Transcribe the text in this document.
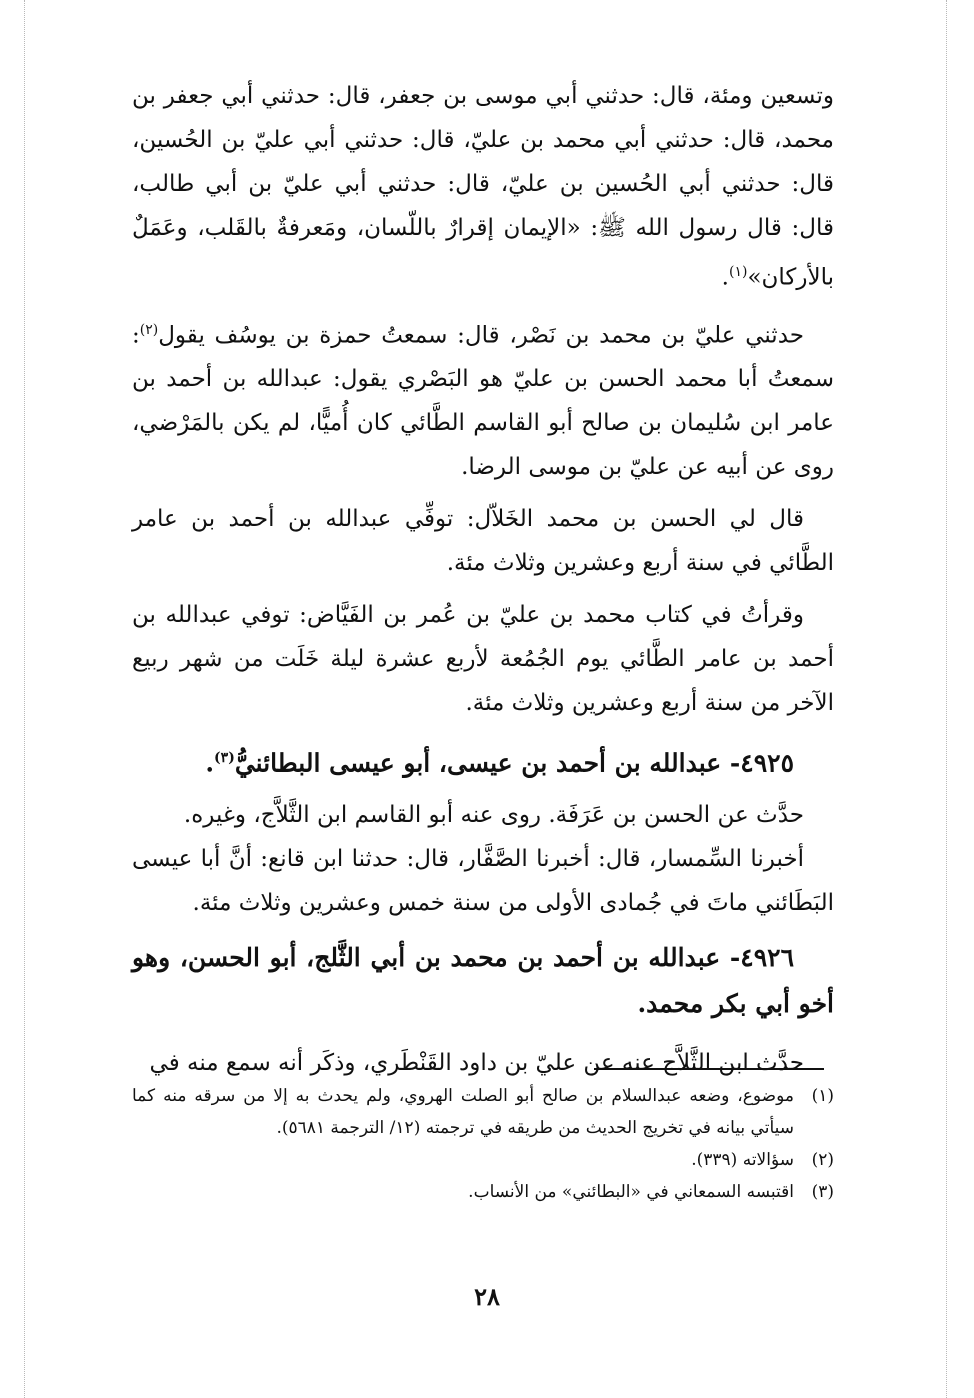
وتسعين ومئة، قال: حدثني أبي موسى بن جعفر، قال: حدثني أبي جعفر بن محمد، قال: حدثني أبي محمد بن عليّ، قال: حدثني أبي عليّ بن الحُسين، قال: حدثني أبي الحُسين بن عليّ، قال: حدثني أبي عليّ بن أبي طالب، قال: قال رسول الله ﷺ: «الإيمان إقرارٌ باللّسان، ومَعرفةٌ بالقَلب، وعَمَلٌ بالأركان»$^{(١)}$.

حدثني عليّ بن محمد بن نَصْر، قال: سمعتُ حمزة بن يوسُف يقول$^{(٢)}$: سمعتُ أبا محمد الحسن بن عليّ هو البَصْري يقول: عبدالله بن أحمد بن عامر ابن سُليمان بن صالح أبو القاسم الطَّائي كان أُميًّا، لم يكن بالمَرْضي، روى عن أبيه عن عليّ بن موسى الرضا.

قال لي الحسن بن محمد الخَلاّل: توفِّي عبدالله بن أحمد بن عامر الطَّائي في سنة أربع وعشرين وثلاث مئة.

وقرأتُ في كتاب محمد بن عليّ بن عُمر بن الفَيَّاض: توفي عبدالله بن أحمد بن عامر الطَّائي يوم الجُمُعة لأربع عشرة ليلة خَلَت من شهر ربيع الآخر من سنة أربع وعشرين وثلاث مئة.

٤٩٢٥- عبدالله بن أحمد بن عيسى، أبو عيسى البطائنيُّ$^{(٣)}$.

حدَّث عن الحسن بن عَرَفَة. روى عنه أبو القاسم ابن الثَّلاَّج، وغيره.

أخبرنا السِّمسار، قال: أخبرنا الصَّفَّار، قال: حدثنا ابن قانع: أنَّ أبا عيسى البَطَائني ماتَ في جُمادى الأولى من سنة خمس وعشرين وثلاث مئة.

٤٩٢٦- عبدالله بن أحمد بن محمد بن أبي الثَّلج، أبو الحسن، وهو أخو أبي بكر محمد.

حدَّث ابن الثَّلاَّج عنه عن عليّ بن داود القَنْطَري، وذكَر أنه سمع منه في

(١)
موضوع، وضعه عبدالسلام بن صالح أبو الصلت الهروي، ولم يحدث به إلا من سرقه منه كما سيأتي بيانه في تخريج الحديث من طريقه في ترجمته (١٢/ الترجمة ٥٦٨١).
(٢)
سؤالاته (٣٣٩).
(٣)
اقتبسه السمعاني في «البطائني» من الأنساب.
٢٨
